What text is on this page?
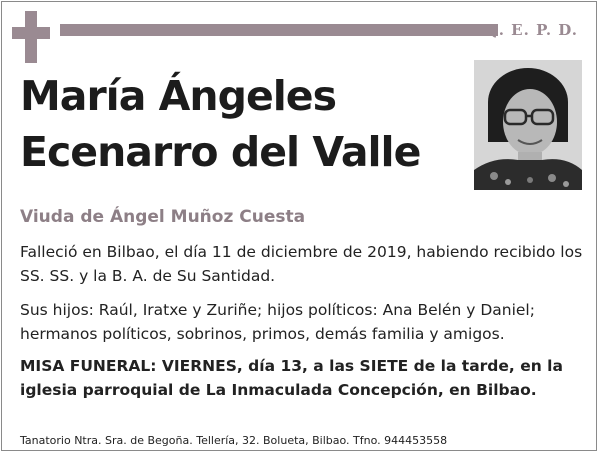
Q. E. P. D.
María Ángeles
Ecenarro del Valle
Viuda de Ángel Muñoz Cuesta
Falleció en Bilbao, el día 11 de diciembre de 2019, habiendo recibido los SS. SS. y la B. A. de Su Santidad.
Sus hijos: Raúl, Iratxe y Zuriñe; hijos políticos: Ana Belén y Daniel; hermanos políticos, sobrinos, primos, demás familia y amigos.
MISA FUNERAL: VIERNES, día 13, a las SIETE de la tarde, en la iglesia parroquial de La Inmaculada Concepción, en Bilbao.
Tanatorio Ntra. Sra. de Begoña. Tellería, 32. Bolueta, Bilbao. Tfno. 944453558
